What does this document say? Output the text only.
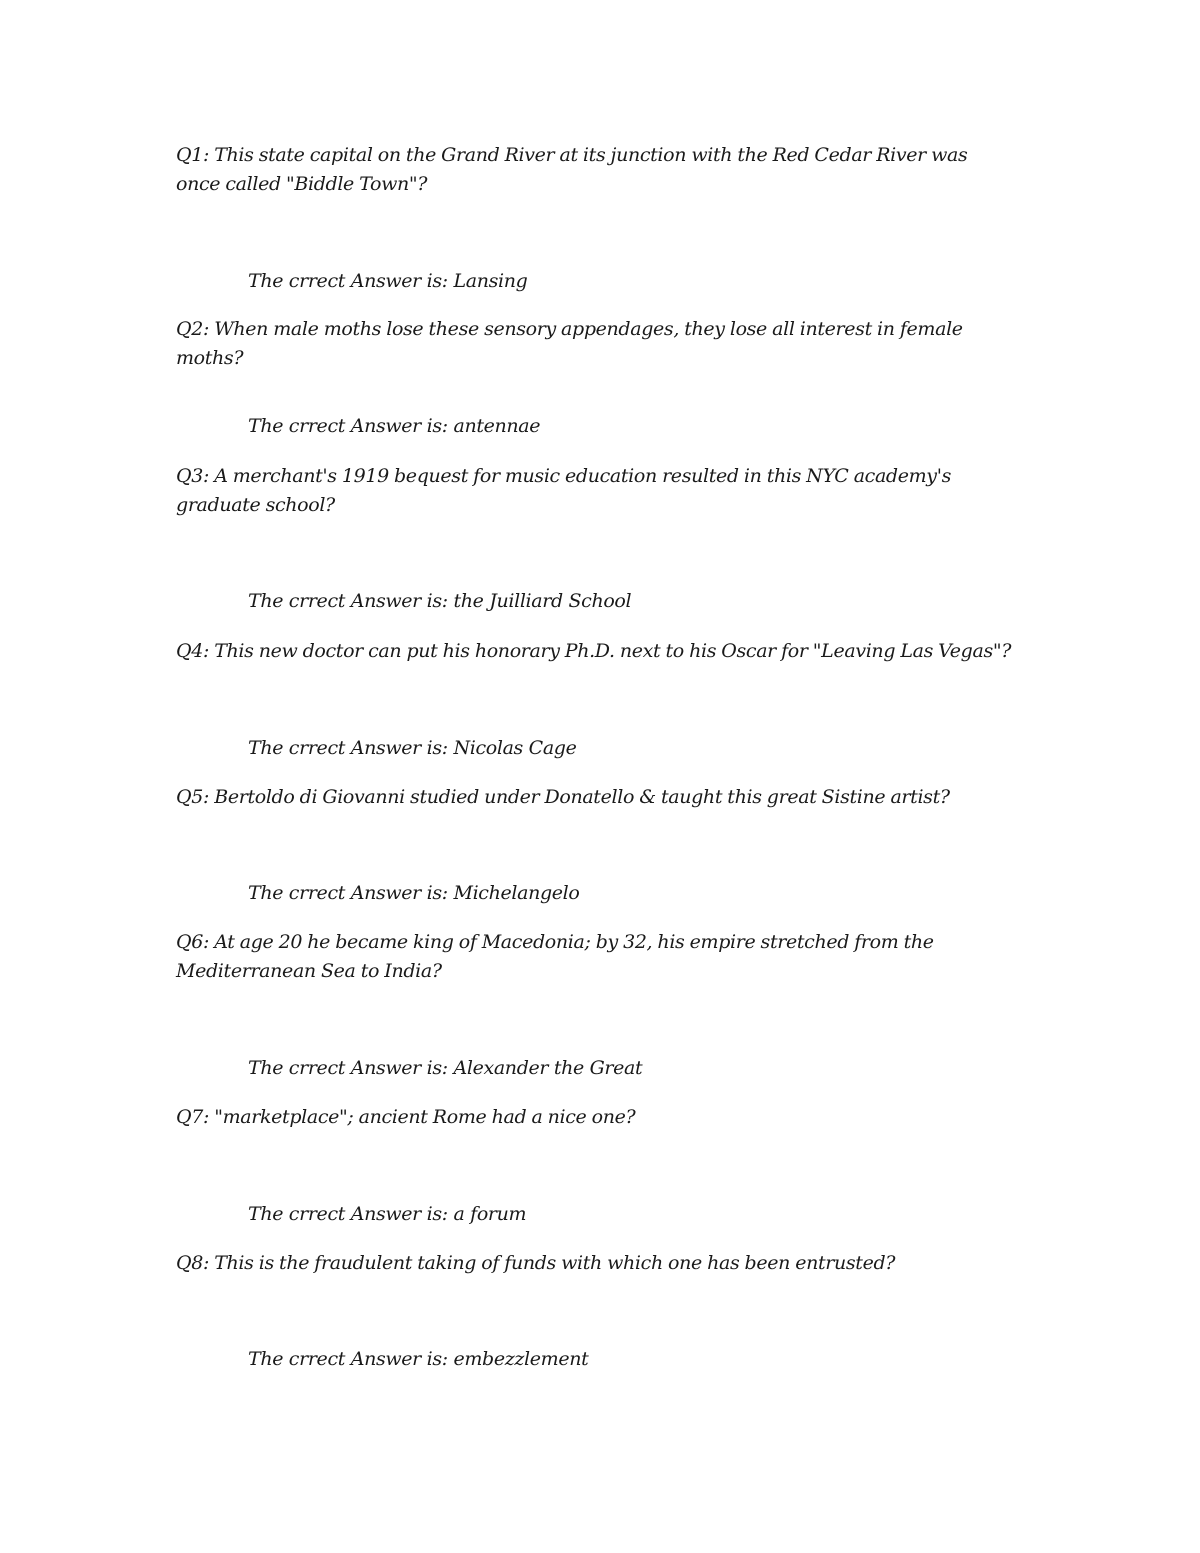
Q1: This state capital on the Grand River at its junction with the Red Cedar River was once called "Biddle Town"?

The crrect Answer is: Lansing

Q2: When male moths lose these sensory appendages, they lose all interest in female moths?

The crrect Answer is: antennae

Q3: A merchant's 1919 bequest for music education resulted in this NYC academy's graduate school?

The crrect Answer is: the Juilliard School

Q4: This new doctor can put his honorary Ph.D. next to his Oscar for "Leaving Las Vegas"?

The crrect Answer is: Nicolas Cage

Q5: Bertoldo di Giovanni studied under Donatello & taught this great Sistine artist?

The crrect Answer is: Michelangelo

Q6: At age 20 he became king of Macedonia; by 32, his empire stretched from the Mediterranean Sea to India?

The crrect Answer is: Alexander the Great

Q7: "marketplace"; ancient Rome had a nice one?

The crrect Answer is: a forum

Q8: This is the fraudulent taking of funds with which one has been entrusted?

The crrect Answer is: embezzlement
